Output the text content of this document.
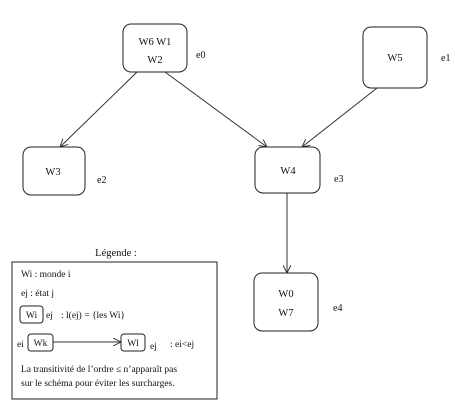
W6 W1
W2	e0	W5	e1
W3
e2
W4
e3
W0
W7	e4
Légende :
Wi : monde i
ej : état j
Wi ej : l(ej) = {les Wi}
ei Wk	Wl ej : ei<ej
La transitivité de l’ordre ≤ n’apparaît pas
sur le schéma pour éviter les surcharges.
